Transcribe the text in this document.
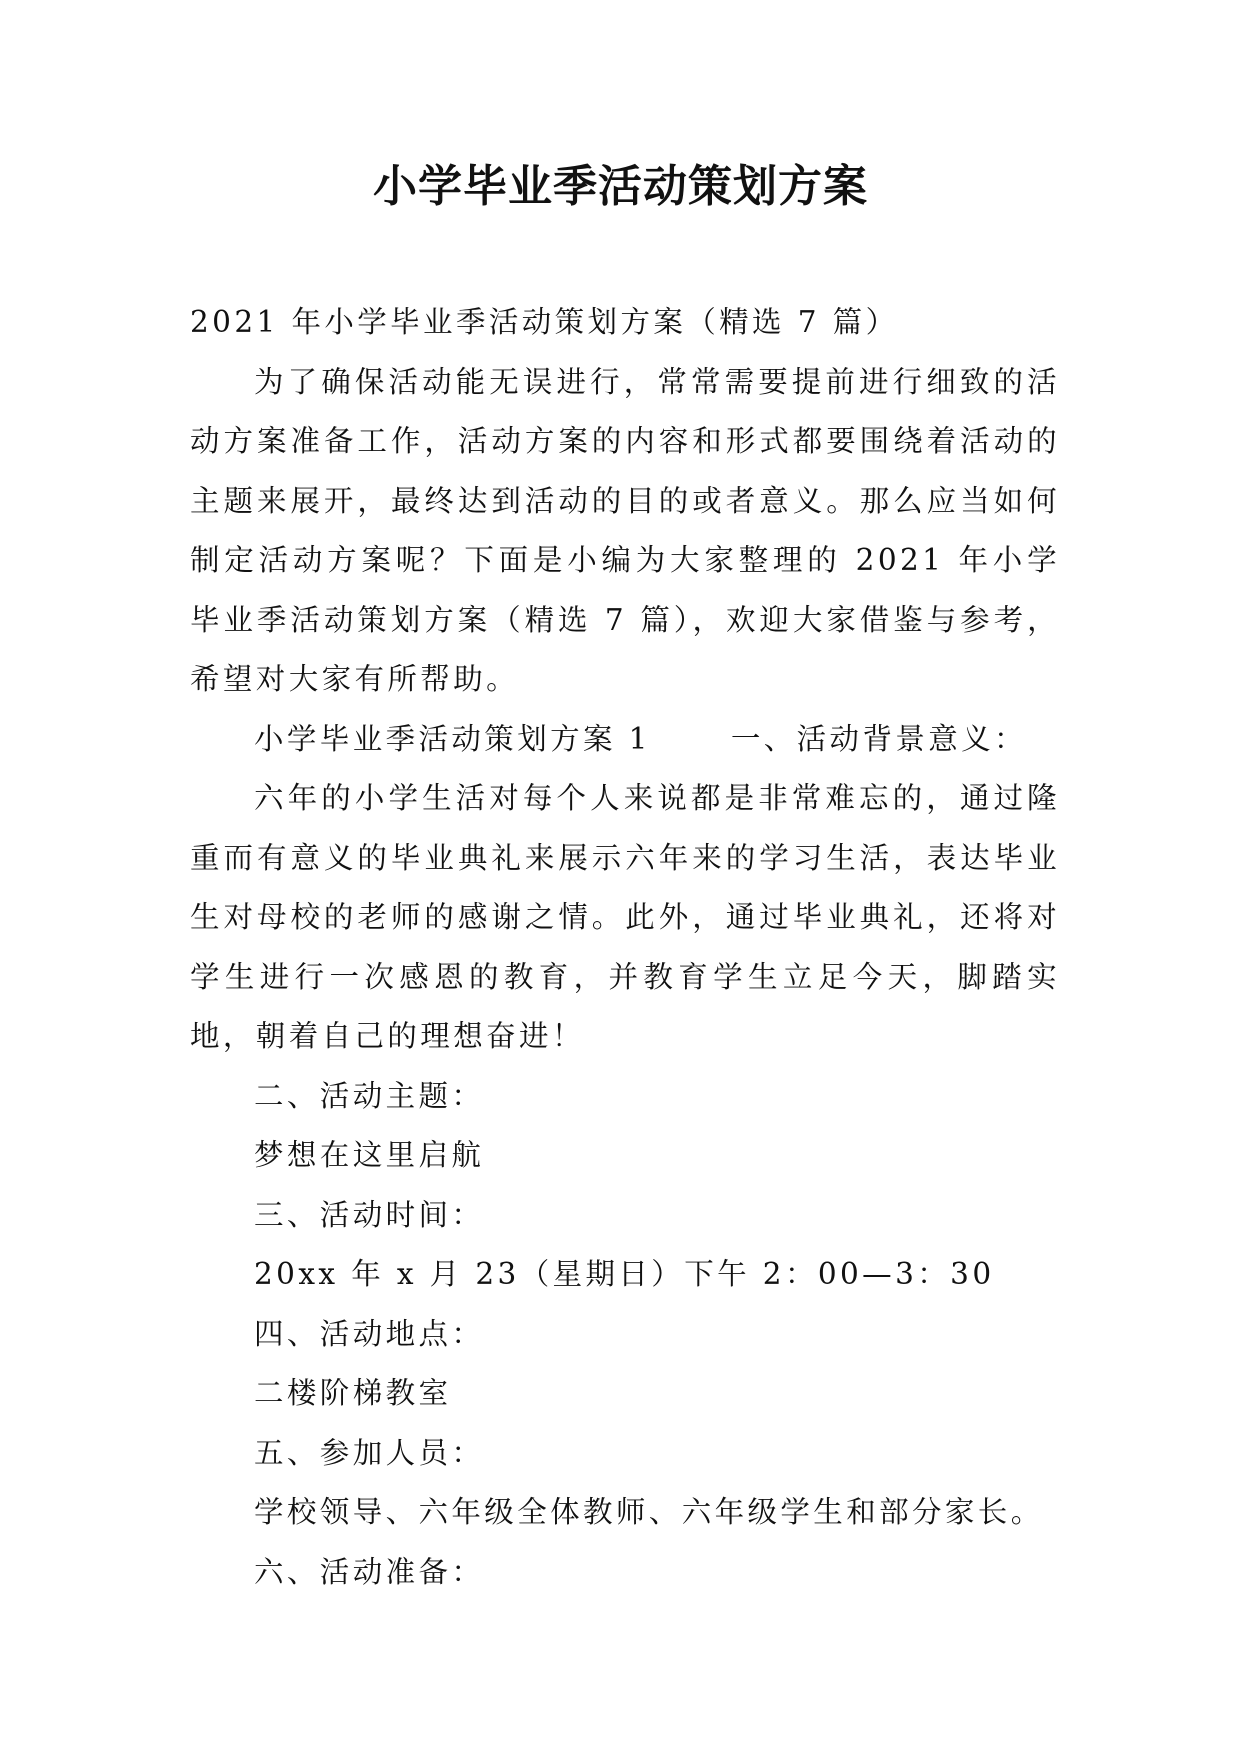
小学毕业季活动策划方案

2021 年小学毕业季活动策划方案（精选 7 篇）

为了确保活动能无误进行，常常需要提前进行细致的活动方案准备工作，活动方案的内容和形式都要围绕着活动的主题来展开，最终达到活动的目的或者意义。那么应当如何制定活动方案呢？下面是小编为大家整理的 2021 年小学毕业季活动策划方案（精选 7 篇），欢迎大家借鉴与参考，希望对大家有所帮助。

小学毕业季活动策划方案 1	一、活动背景意义：

六年的小学生活对每个人来说都是非常难忘的，通过隆重而有意义的毕业典礼来展示六年来的学习生活，表达毕业生对母校的老师的感谢之情。此外，通过毕业典礼，还将对学生进行一次感恩的教育，并教育学生立足今天，脚踏实地，朝着自己的理想奋进！

二、活动主题：

梦想在这里启航

三、活动时间：

20xx 年 x 月 23（星期日）下午 2：00—3：30

四、活动地点：

二楼阶梯教室

五、参加人员：

学校领导、六年级全体教师、六年级学生和部分家长。

六、活动准备：
